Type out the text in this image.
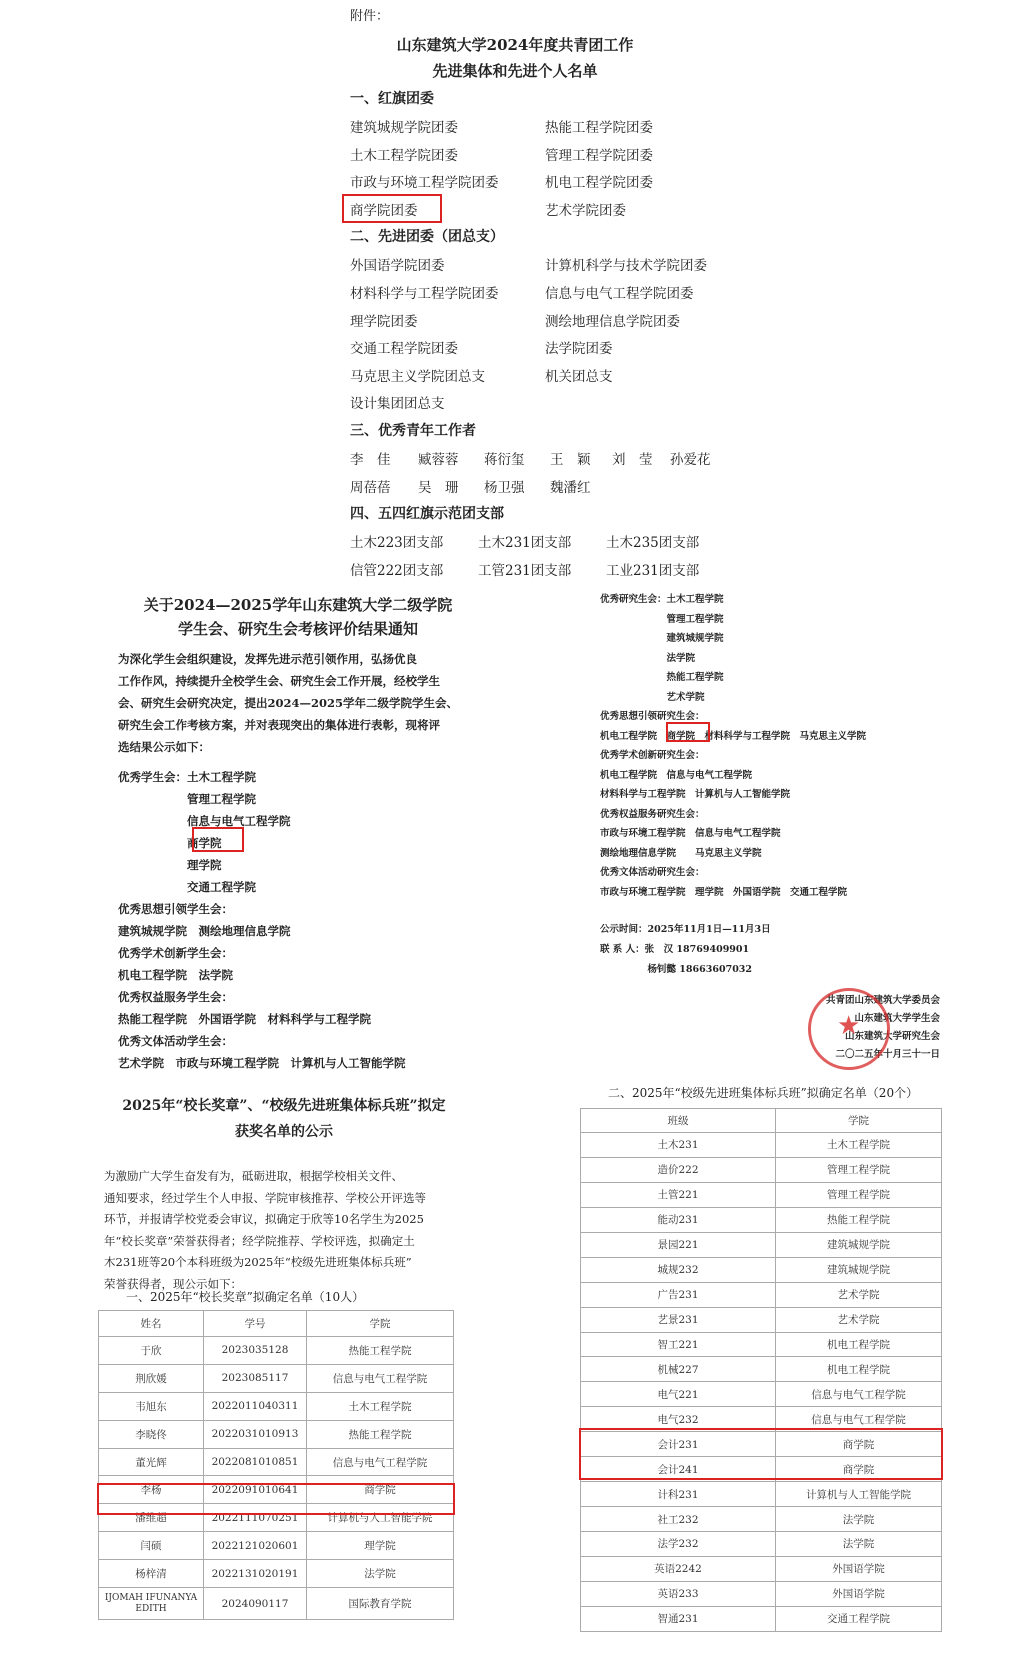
附件：
山东建筑大学2024年度共青团工作
先进集体和先进个人名单
一、红旗团委
建筑城规学院团委	热能工程学院团委
土木工程学院团委	管理工程学院团委
市政与环境工程学院团委	机电工程学院团委
商学院团委	艺术学院团委
二、先进团委（团总支）
外国语学院团委	计算机科学与技术学院团委
材料科学与工程学院团委	信息与电气工程学院团委
理学院团委	测绘地理信息学院团委
交通工程学院团委	法学院团委
马克思主义学院团总支	机关团总支
设计集团团总支
三、优秀青年工作者
李　佳 臧蓉蓉 蒋衍玺 王　颖 刘　莹 孙爱花
周蓓蓓 吴　珊 杨卫强 魏潘红
四、五四红旗示范团支部
土木223团支部	土木231团支部	土木235团支部
信管222团支部	工管231团支部	工业231团支部
关于2024—2025学年山东建筑大学二级学院
学生会、研究生会考核评价结果通知
为深化学生会组织建设，发挥先进示范引领作用，弘扬优良
工作作风，持续提升全校学生会、研究生会工作开展，经校学生
会、研究生会研究决定，提出2024—2025学年二级学院学生会、
研究生会工作考核方案，并对表现突出的集体进行表彰，现将评
选结果公示如下：
优秀学生会：土木工程学院
　　　　　　管理工程学院
　　　　　　信息与电气工程学院
　　　　　　商学院
　　　　　　理学院
　　　　　　交通工程学院
优秀思想引领学生会：
建筑城规学院　测绘地理信息学院
优秀学术创新学生会：
机电工程学院　法学院
优秀权益服务学生会：
热能工程学院　外国语学院　材料科学与工程学院
优秀文体活动学生会：
艺术学院　市政与环境工程学院　计算机与人工智能学院
优秀研究生会：土木工程学院
　　　　　　　管理工程学院
　　　　　　　建筑城规学院
　　　　　　　法学院
　　　　　　　热能工程学院
　　　　　　　艺术学院
优秀思想引领研究生会：
机电工程学院　商学院　材料科学与工程学院　马克思主义学院
优秀学术创新研究生会：
机电工程学院　信息与电气工程学院
材料科学与工程学院　计算机与人工智能学院
优秀权益服务研究生会：
市政与环境工程学院　信息与电气工程学院
测绘地理信息学院　　马克思主义学院
优秀文体活动研究生会：
市政与环境工程学院　理学院　外国语学院　交通工程学院
公示时间：2025年11月1日—11月3日
联 系 人：张　汉 18769409901
　　　　　杨钊懿 18663607032
共青团山东建筑大学委员会
山东建筑大学学生会
山东建筑大学研究生会
二〇二五年十月三十一日
★
2025年“校长奖章”、“校级先进班集体标兵班”拟定
获奖名单的公示
为激励广大学生奋发有为，砥砺进取，根据学校相关文件、
通知要求，经过学生个人申报、学院审核推荐、学校公开评选等
环节，并报请学校党委会审议，拟确定于欣等10名学生为2025
年“校长奖章”荣誉获得者；经学院推荐、学校评选，拟确定土
木231班等20个本科班级为2025年“校级先进班集体标兵班”
荣誉获得者，现公示如下：
一、2025年“校长奖章”拟确定名单（10人）
姓名	学号	学院
于欣	2023035128	热能工程学院
荆欣媛	2023085117	信息与电气工程学院
韦旭东	2022011040311	土木工程学院
李晓佟	2022031010913	热能工程学院
董光辉	2022081010851	信息与电气工程学院
李杨	2022091010641	商学院
潘维超	2022111070251	计算机与人工智能学院
闫硕	2022121020601	理学院
杨梓清	2022131020191	法学院
IJOMAH IFUNANYA EDITH	2024090117	国际教育学院
二、2025年“校级先进班集体标兵班”拟确定名单（20个）
班级	学院
土木231	土木工程学院
造价222	管理工程学院
土管221	管理工程学院
能动231	热能工程学院
景园221	建筑城规学院
城规232	建筑城规学院
广告231	艺术学院
艺景231	艺术学院
智工221	机电工程学院
机械227	机电工程学院
电气221	信息与电气工程学院
电气232	信息与电气工程学院
会计231	商学院
会计241	商学院
计科231	计算机与人工智能学院
社工232	法学院
法学232	法学院
英语2242	外国语学院
英语233	外国语学院
智通231	交通工程学院
